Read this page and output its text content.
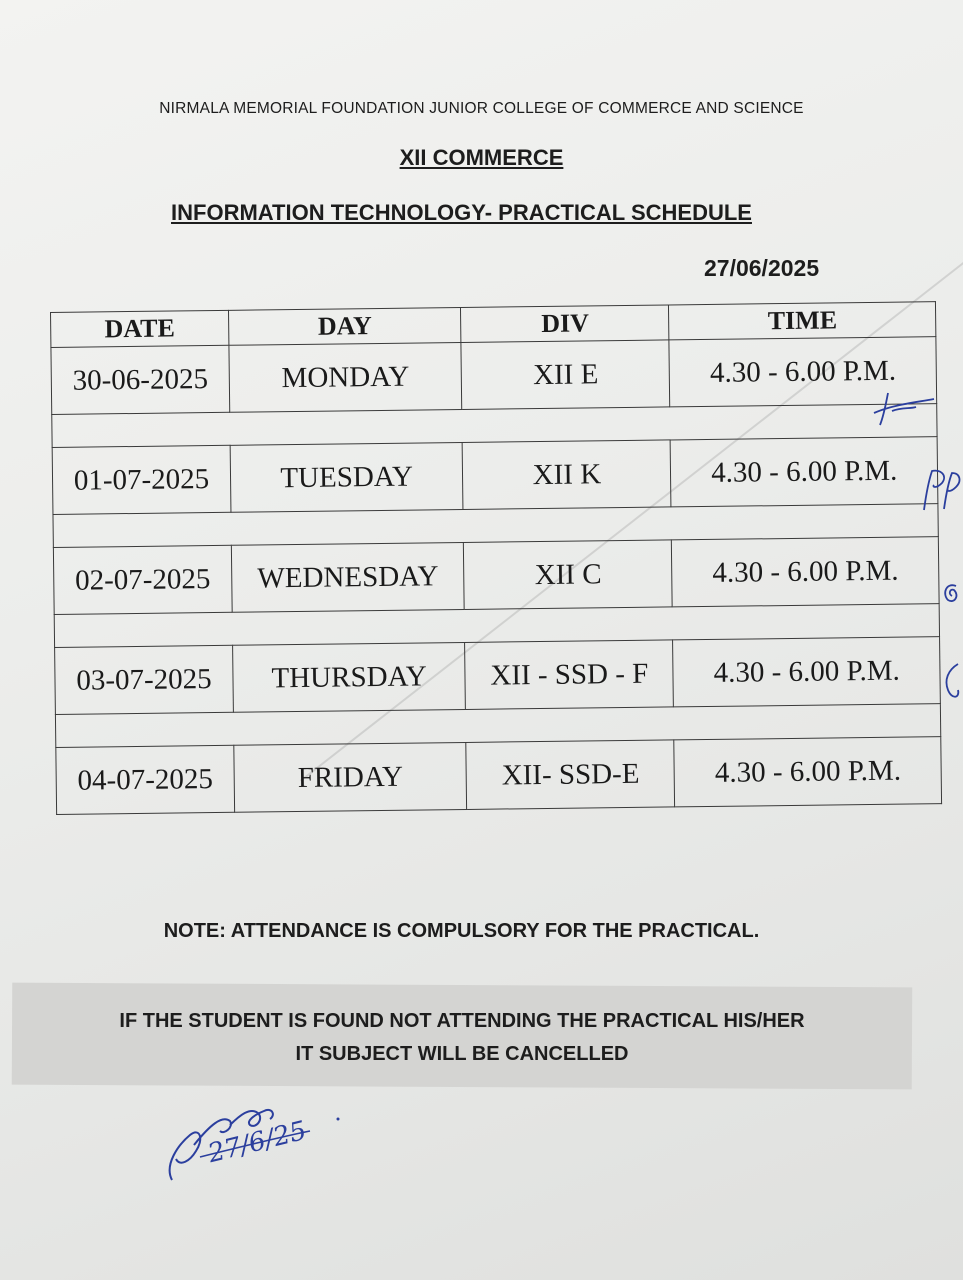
NIRMALA MEMORIAL FOUNDATION JUNIOR COLLEGE OF COMMERCE AND SCIENCE
XII COMMERCE
INFORMATION TECHNOLOGY- PRACTICAL SCHEDULE
27/06/2025
DATE	DAY	DIV	TIME
30-06-2025	MONDAY	XII E	4.30 - 6.00 P.M.

01-07-2025	TUESDAY	XII K	4.30 - 6.00 P.M.

02-07-2025	WEDNESDAY	XII C	4.30 - 6.00 P.M.

03-07-2025	THURSDAY	XII - SSD - F	4.30 - 6.00 P.M.

04-07-2025	FRIDAY	XII- SSD-E	4.30 - 6.00 P.M.
NOTE: ATTENDANCE IS COMPULSORY FOR THE PRACTICAL.
IF THE STUDENT IS FOUND NOT ATTENDING THE PRACTICAL HIS/HER
IT SUBJECT WILL BE CANCELLED
27/6/25
